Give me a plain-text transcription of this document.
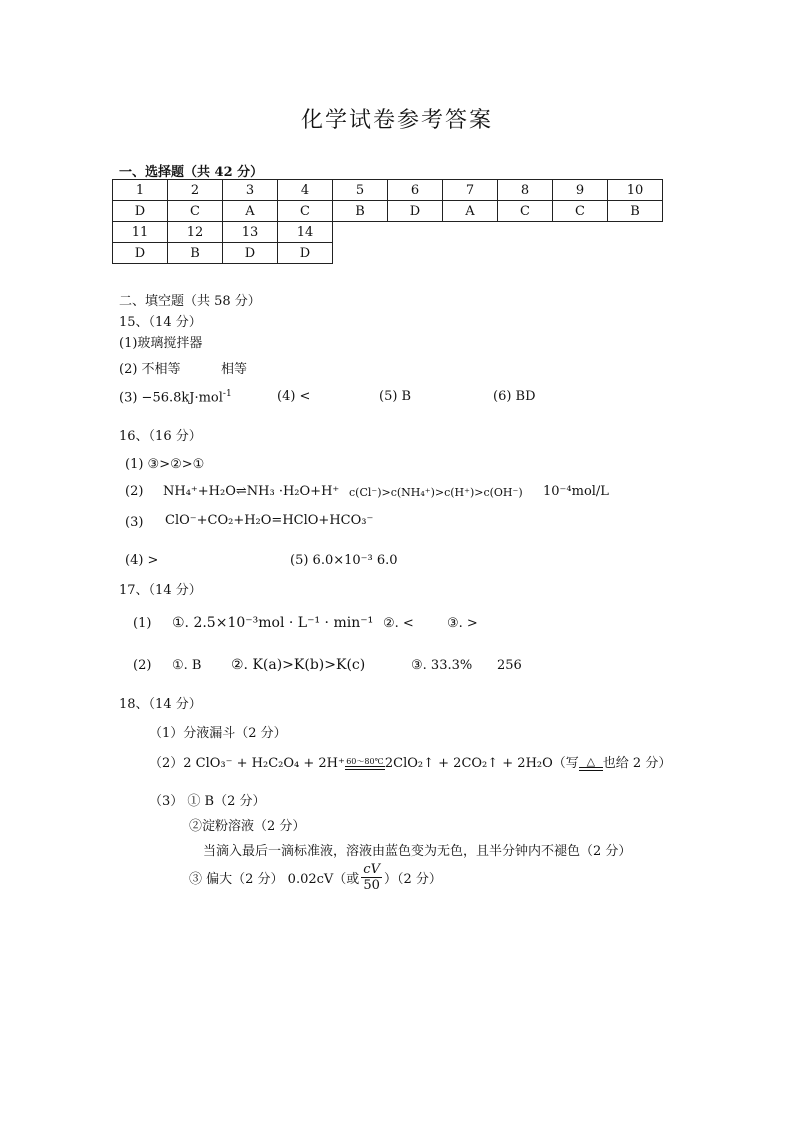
化学试卷参考答案
一、选择题（共 42 分）
1	2	3	4	5	6	7	8	9	10
D	C	A	C	B	D	A	C	C	B
11	12	13	14						
D	B	D	D						
二、填空题（共 58 分）
15、（14 分）
(1)玻璃搅拌器
(2) 不相等	相等
(3) −56.8kJ·mol$^{-1}$	(4) <	(5) B	(6) BD
16、（16 分）
(1) ③>②>①
(2) NH₄⁺+H₂O⇌NH₃ ·H₂O+H⁺ c(Cl⁻)>c(NH₄⁺)>c(H⁺)>c(OH⁻) 10⁻⁴mol/L
(3) ClO⁻+CO₂+H₂O=HClO+HCO₃⁻
(4) >	(5) 6.0×10⁻³ 6.0
17、（14 分）
(1) ①. 2.5×10⁻³mol · L⁻¹ · min⁻¹ ②. <	③. >
(2) ①. B ②. K(a)>K(b)>K(c)	③. 33.3% 256
18、（14 分）
（1）分液漏斗（2 分）
（2）2 ClO₃⁻ + H₂C₂O₄ + 2H⁺ 60～80℃ 2ClO₂↑ + 2CO₂↑ + 2H₂O（写 △ 也给 2 分）
（3） ① B（2 分）
②淀粉溶液（2 分）
当滴入最后一滴标准液，溶液由蓝色变为无色，且半分钟内不褪色（2 分）
③ 偏大（2 分） 0.02cV（或 $\frac{cV}{50} )(2$ 分）
